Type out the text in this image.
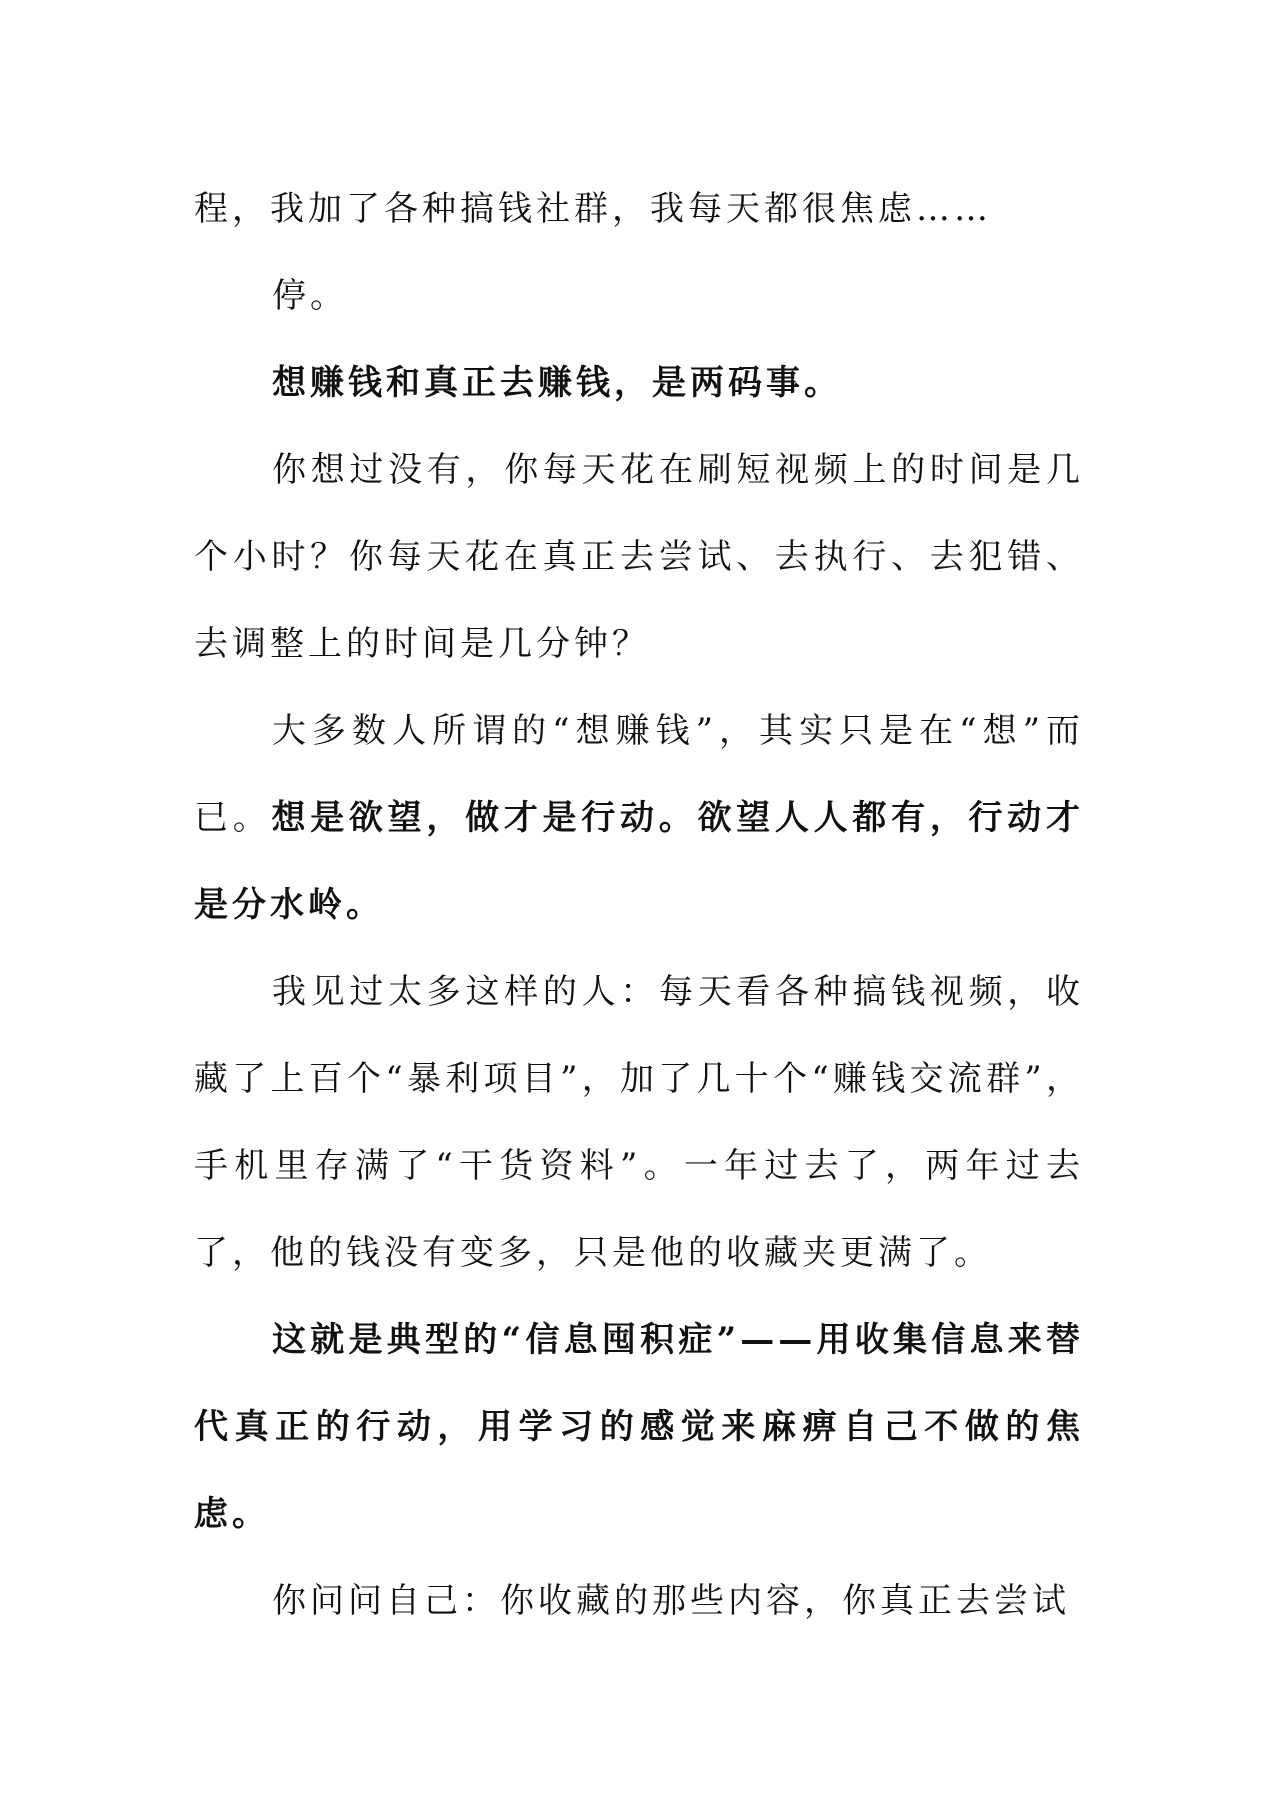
程，我加了各种搞钱社群，我每天都很焦虑……

停。

想赚钱和真正去赚钱，是两码事。

你想过没有，你每天花在刷短视频上的时间是几个小时？你每天花在真正去尝试、去执行、去犯错、去调整上的时间是几分钟？

大多数人所谓的“想赚钱”，其实只是在“想”而已。想是欲望，做才是行动。欲望人人都有，行动才是分水岭。

我见过太多这样的人：每天看各种搞钱视频，收藏了上百个“暴利项目”，加了几十个“赚钱交流群”，手机里存满了“干货资料”。一年过去了，两年过去了，他的钱没有变多，只是他的收藏夹更满了。

这就是典型的“信息囤积症”——用收集信息来替代真正的行动，用学习的感觉来麻痹自己不做的焦虑。

你问问自己：你收藏的那些内容，你真正去尝试
